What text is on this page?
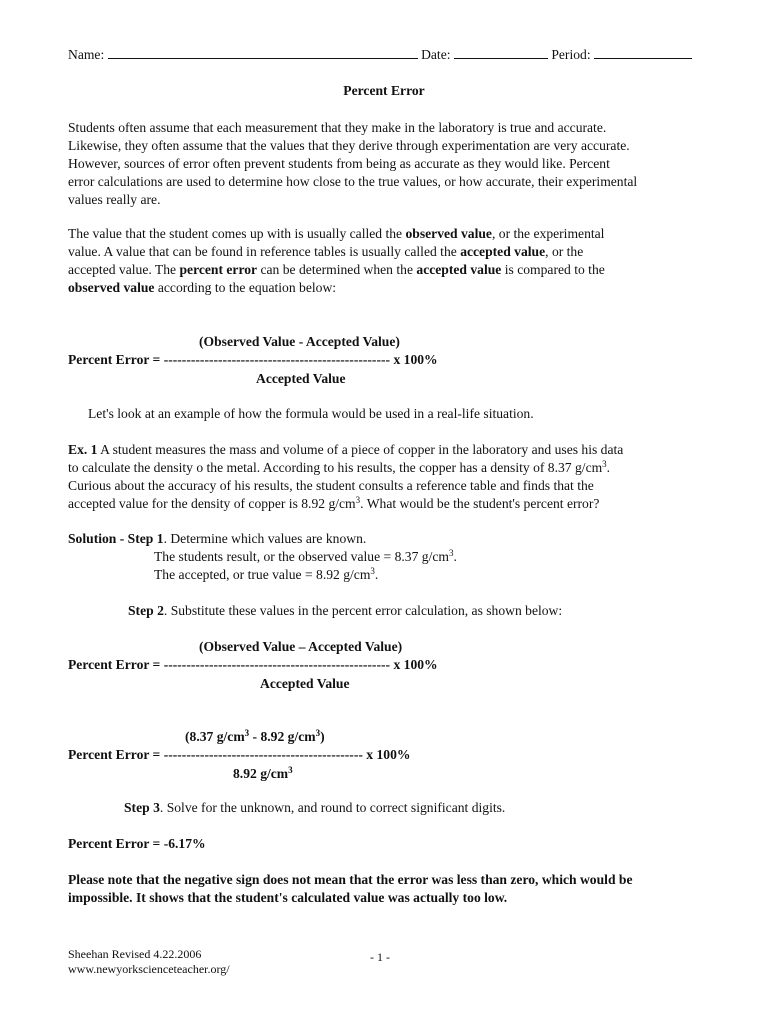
Name:	Date:	Period:
Percent Error

Students often assume that each measurement that they make in the laboratory is true and accurate.

Likewise, they often assume that the values that they derive through experimentation are very accurate.

However, sources of error often prevent students from being as accurate as they would like. Percent

error calculations are used to determine how close to the true values, or how accurate, their experimental

values really are.

The value that the student comes up with is usually called the observed value, or the experimental

value. A value that can be found in reference tables is usually called the accepted value, or the

accepted value. The percent error can be determined when the accepted value is compared to the

observed value according to the equation below:

(Observed Value - Accepted Value)
Percent Error = -------------------------------------------------- x 100%
Accepted Value
Let's look at an example of how the formula would be used in a real-life situation.

Ex. 1 A student measures the mass and volume of a piece of copper in the laboratory and uses his data

to calculate the density o the metal. According to his results, the copper has a density of 8.37 $g/cm^3$.

Curious about the accuracy of his results, the student consults a reference table and finds that the

accepted value for the density of copper is 8.92 $g/cm^3$. What would be the student's percent error?

Solution - Step 1. Determine which values are known.
The students result, or the observed value = 8.37 $g/cm^3$.
The accepted, or true value = 8.92 $g/cm^3$.
Step 2. Substitute these values in the percent error calculation, as shown below:
(Observed Value – Accepted Value)
Percent Error = -------------------------------------------------- x 100%
Accepted Value
(8.37 $g/cm^3 - 8.92$ $g/cm^3$)
Percent Error = -------------------------------------------- x 100%
8.92 $g/cm^3$
Step 3. Solve for the unknown, and round to correct significant digits.
Percent Error = -6.17%

Please note that the negative sign does not mean that the error was less than zero, which would be

impossible. It shows that the student's calculated value was actually too low.

Sheehan Revised 4.22.2006
www.newyorkscienceteacher.org/
- 1 -
